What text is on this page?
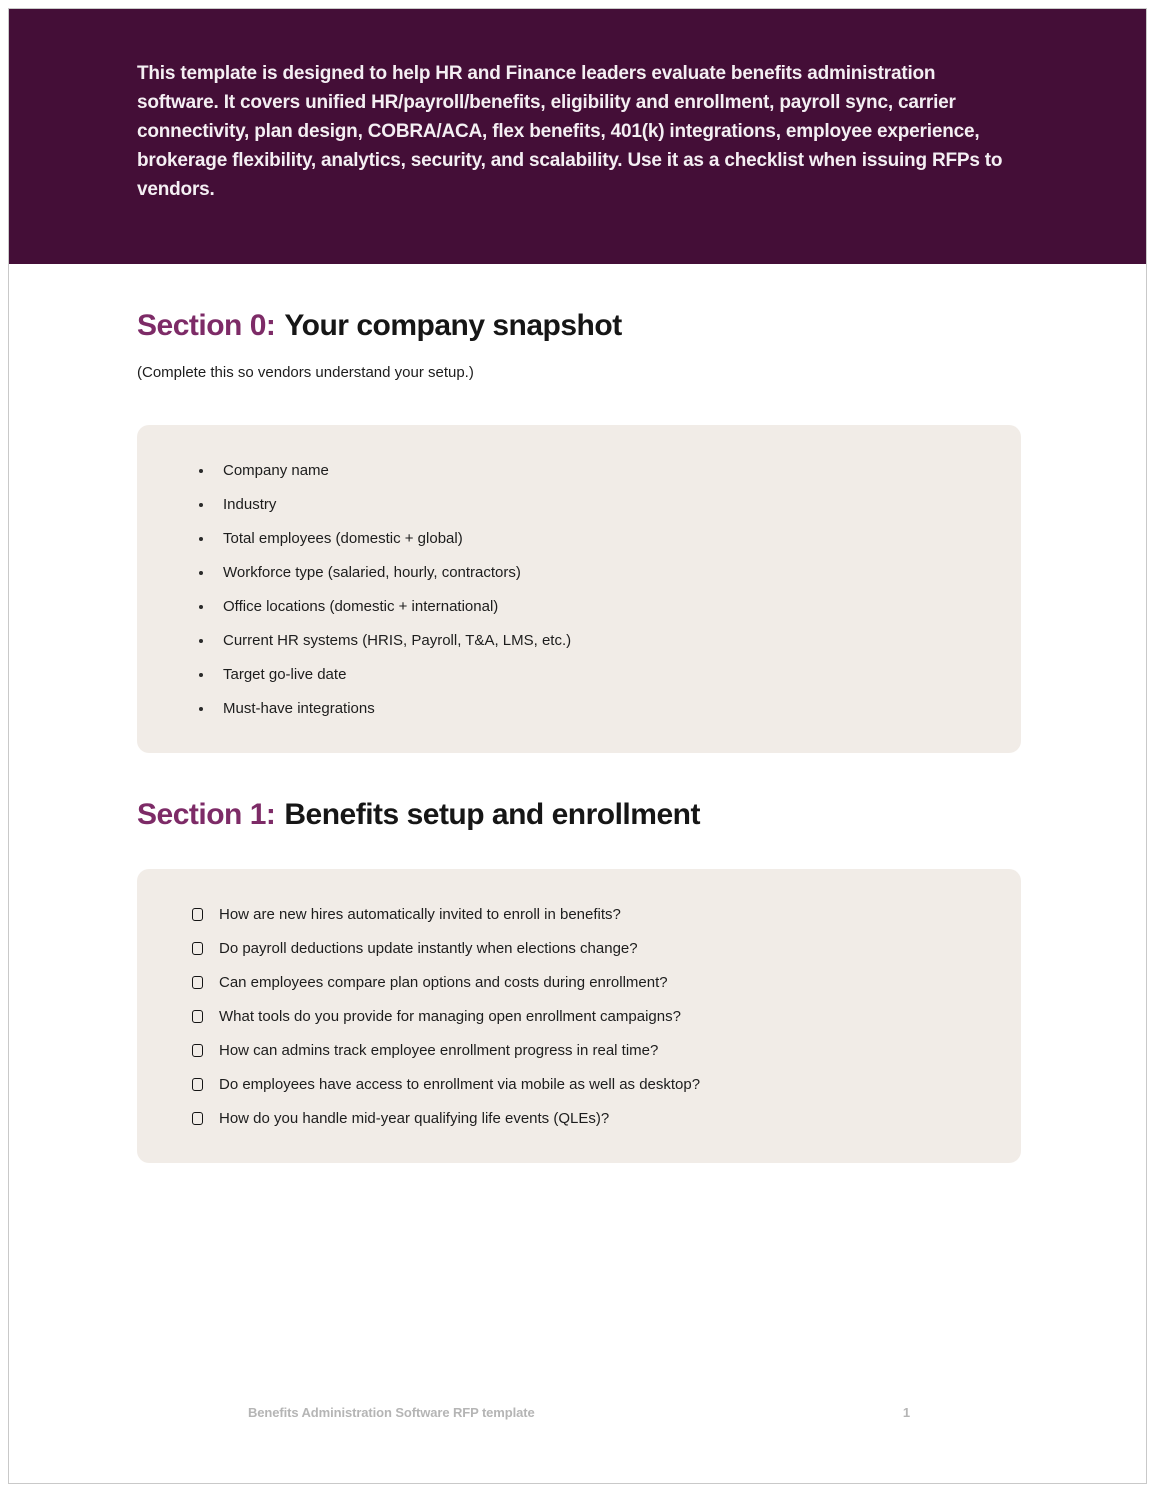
This template is designed to help HR and Finance leaders evaluate benefits administration software. It covers unified HR/payroll/benefits, eligibility and enrollment, payroll sync, carrier connectivity, plan design, COBRA/ACA, flex benefits, 401(k) integrations, employee experience, brokerage flexibility, analytics, security, and scalability. Use it as a checklist when issuing RFPs to vendors.

Section 0: Your company snapshot

(Complete this so vendors understand your setup.)

Company name
Industry
Total employees (domestic + global)
Workforce type (salaried, hourly, contractors)
Office locations (domestic + international)
Current HR systems (HRIS, Payroll, T&A, LMS, etc.)
Target go-live date
Must-have integrations
Section 1: Benefits setup and enrollment
How are new hires automatically invited to enroll in benefits?
Do payroll deductions update instantly when elections change?
Can employees compare plan options and costs during enrollment?
What tools do you provide for managing open enrollment campaigns?
How can admins track employee enrollment progress in real time?
Do employees have access to enrollment via mobile as well as desktop?
How do you handle mid-year qualifying life events (QLEs)?
Benefits Administration Software RFP template	1
